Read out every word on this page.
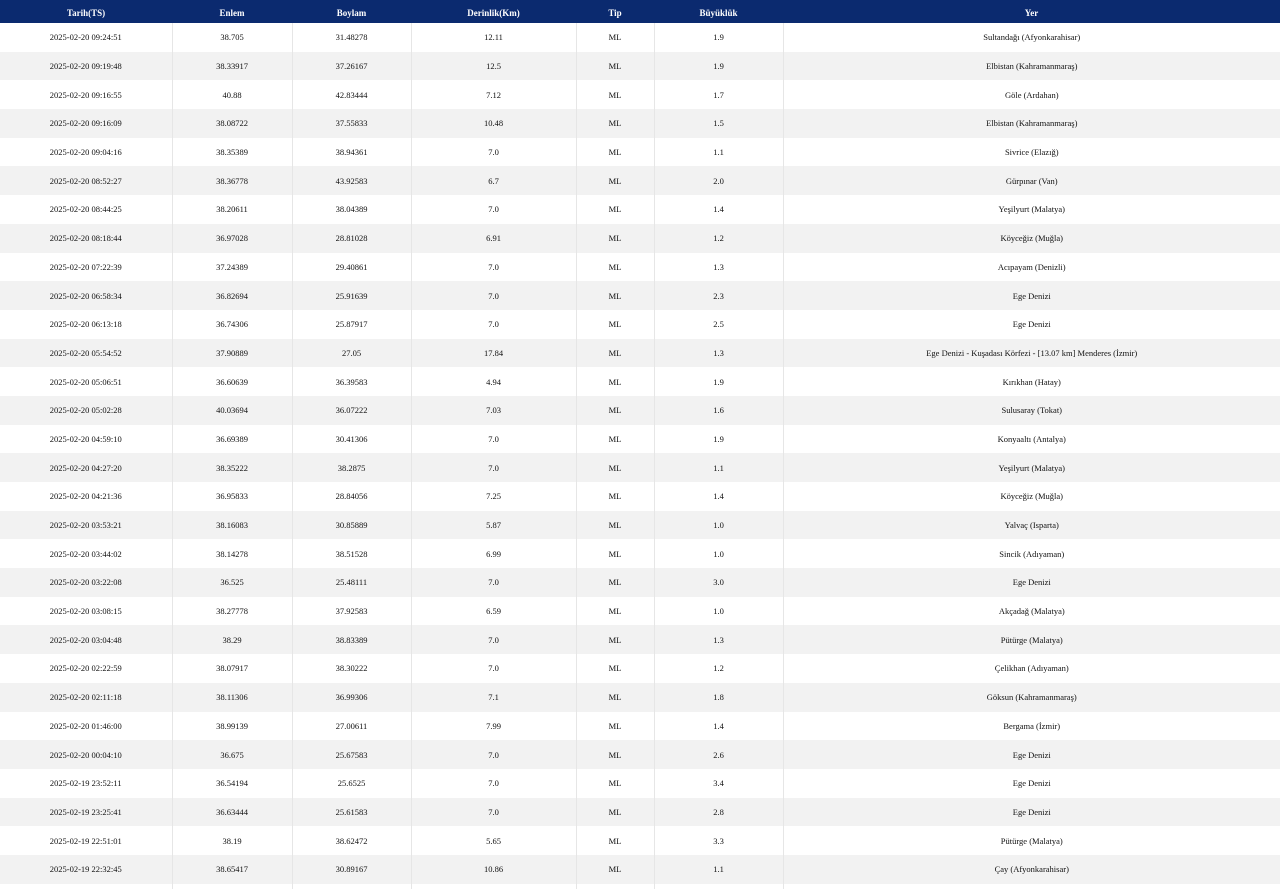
Tarih(TS)	Enlem	Boylam	Derinlik(Km)	Tip	Büyüklük	Yer
2025-02-20 09:24:51	38.705	31.48278	12.11	ML	1.9	Sultandağı (Afyonkarahisar)
2025-02-20 09:19:48	38.33917	37.26167	12.5	ML	1.9	Elbistan (Kahramanmaraş)
2025-02-20 09:16:55	40.88	42.83444	7.12	ML	1.7	Göle (Ardahan)
2025-02-20 09:16:09	38.08722	37.55833	10.48	ML	1.5	Elbistan (Kahramanmaraş)
2025-02-20 09:04:16	38.35389	38.94361	7.0	ML	1.1	Sivrice (Elazığ)
2025-02-20 08:52:27	38.36778	43.92583	6.7	ML	2.0	Gürpınar (Van)
2025-02-20 08:44:25	38.20611	38.04389	7.0	ML	1.4	Yeşilyurt (Malatya)
2025-02-20 08:18:44	36.97028	28.81028	6.91	ML	1.2	Köyceğiz (Muğla)
2025-02-20 07:22:39	37.24389	29.40861	7.0	ML	1.3	Acıpayam (Denizli)
2025-02-20 06:58:34	36.82694	25.91639	7.0	ML	2.3	Ege Denizi
2025-02-20 06:13:18	36.74306	25.87917	7.0	ML	2.5	Ege Denizi
2025-02-20 05:54:52	37.90889	27.05	17.84	ML	1.3	Ege Denizi - Kuşadası Körfezi - [13.07 km] Menderes (İzmir)
2025-02-20 05:06:51	36.60639	36.39583	4.94	ML	1.9	Kırıkhan (Hatay)
2025-02-20 05:02:28	40.03694	36.07222	7.03	ML	1.6	Sulusaray (Tokat)
2025-02-20 04:59:10	36.69389	30.41306	7.0	ML	1.9	Konyaaltı (Antalya)
2025-02-20 04:27:20	38.35222	38.2875	7.0	ML	1.1	Yeşilyurt (Malatya)
2025-02-20 04:21:36	36.95833	28.84056	7.25	ML	1.4	Köyceğiz (Muğla)
2025-02-20 03:53:21	38.16083	30.85889	5.87	ML	1.0	Yalvaç (Isparta)
2025-02-20 03:44:02	38.14278	38.51528	6.99	ML	1.0	Sincik (Adıyaman)
2025-02-20 03:22:08	36.525	25.48111	7.0	ML	3.0	Ege Denizi
2025-02-20 03:08:15	38.27778	37.92583	6.59	ML	1.0	Akçadağ (Malatya)
2025-02-20 03:04:48	38.29	38.83389	7.0	ML	1.3	Pütürge (Malatya)
2025-02-20 02:22:59	38.07917	38.30222	7.0	ML	1.2	Çelikhan (Adıyaman)
2025-02-20 02:11:18	38.11306	36.99306	7.1	ML	1.8	Göksun (Kahramanmaraş)
2025-02-20 01:46:00	38.99139	27.00611	7.99	ML	1.4	Bergama (İzmir)
2025-02-20 00:04:10	36.675	25.67583	7.0	ML	2.6	Ege Denizi
2025-02-19 23:52:11	36.54194	25.6525	7.0	ML	3.4	Ege Denizi
2025-02-19 23:25:41	36.63444	25.61583	7.0	ML	2.8	Ege Denizi
2025-02-19 22:51:01	38.19	38.62472	5.65	ML	3.3	Pütürge (Malatya)
2025-02-19 22:32:45	38.65417	30.89167	10.86	ML	1.1	Çay (Afyonkarahisar)
